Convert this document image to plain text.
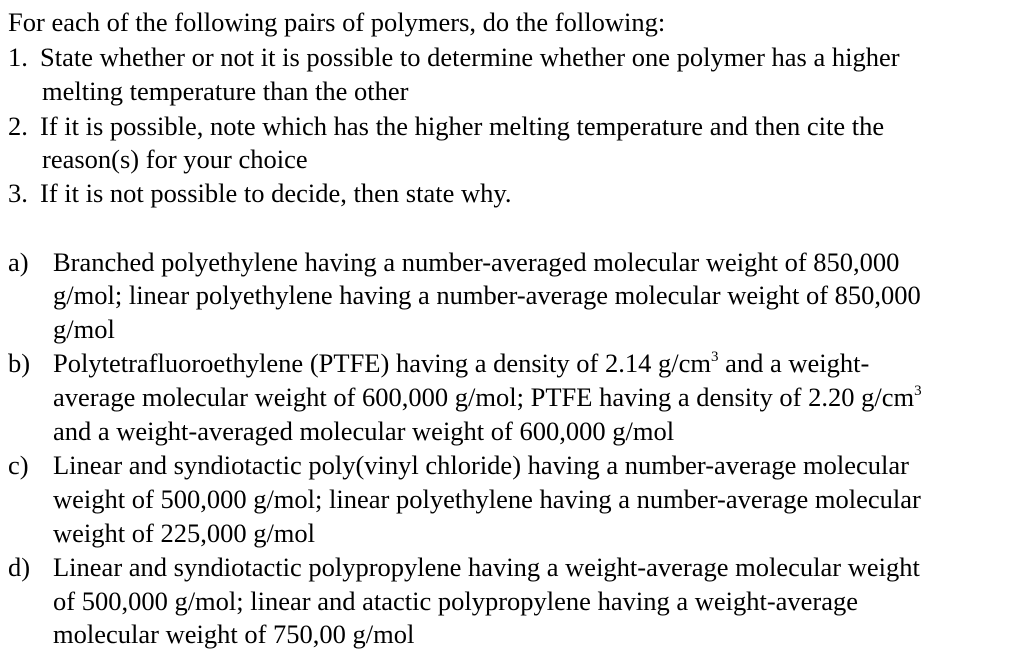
For each of the following pairs of polymers, do the following:
1. State whether or not it is possible to determine whether one polymer has a higher
melting temperature than the other
2. If it is possible, note which has the higher melting temperature and then cite the
reason(s) for your choice
3. If it is not possible to decide, then state why.
a) Branched polyethylene having a number-averaged molecular weight of 850,000
g/mol; linear polyethylene having a number-average molecular weight of 850,000
g/mol
b) Polytetrafluoroethylene (PTFE) having a density of 2.14 $g/cm^3$ and a weight-
average molecular weight of 600,000 g/mol; PTFE having a density of 2.20 $g/cm^3$
and a weight-averaged molecular weight of 600,000 g/mol
c) Linear and syndiotactic poly(vinyl chloride) having a number-average molecular
weight of 500,000 g/mol; linear polyethylene having a number-average molecular
weight of 225,000 g/mol
d) Linear and syndiotactic polypropylene having a weight-average molecular weight
of 500,000 g/mol; linear and atactic polypropylene having a weight-average
molecular weight of 750,00 g/mol
